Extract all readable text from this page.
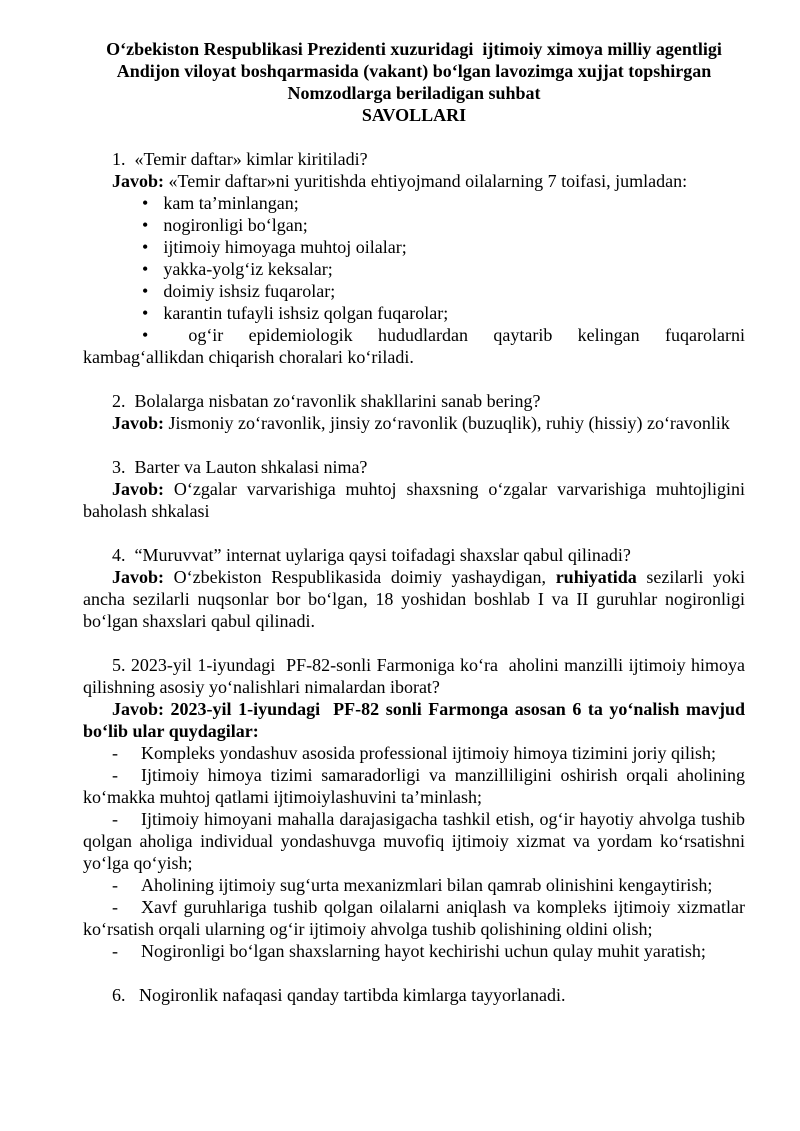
O‘zbekiston Respublikasi Prezidenti xuzuridagi  ijtimoiy ximoya milliy agentligi
Andijon viloyat boshqarmasida (vakant) bo‘lgan lavozimga xujjat topshirgan
Nomzodlarga beriladigan suhbat
SAVOLLARI

1.  «Temir daftar» kimlar kiritiladi?

Javob: «Temir daftar»ni yuritishda ehtiyojmand oilalarning 7 toifasi, jumladan:

• kam ta’minlangan;

• nogironligi bo‘lgan;

• ijtimoiy himoyaga muhtoj oilalar;

• yakka-yolg‘iz keksalar;

• doimiy ishsiz fuqarolar;

• karantin tufayli ishsiz qolgan fuqarolar;

• og‘ir epidemiologik hududlardan qaytarib kelingan fuqarolarni kambag‘allikdan chiqarish choralari ko‘riladi.

2.  Bolalarga nisbatan zo‘ravonlik shakllarini sanab bering?

Javob: Jismoniy zo‘ravonlik, jinsiy zo‘ravonlik (buzuqlik), ruhiy (hissiy) zo‘ravonlik

3.  Barter va Lauton shkalasi nima?

Javob: O‘zgalar varvarishiga muhtoj shaxsning o‘zgalar varvarishiga muhtojligini baholash shkalasi

4.  “Muruvvat” internat uylariga qaysi toifadagi shaxslar qabul qilinadi?

Javob: O‘zbekiston Respublikasida doimiy yashaydigan, ruhiyatida sezilarli yoki ancha sezilarli nuqsonlar bor bo‘lgan, 18 yoshidan boshlab I va II guruhlar nogironligi bo‘lgan shaxslari qabul qilinadi.

5. 2023-yil 1-iyundagi  PF-82-sonli Farmoniga ko‘ra  aholini manzilli ijtimoiy himoya qilishning asosiy yo‘nalishlari nimalardan iborat?

Javob: 2023-yil 1-iyundagi  PF-82 sonli Farmonga asosan 6 ta yo‘nalish mavjud bo‘lib ular quydagilar:

- Kompleks yondashuv asosida professional ijtimoiy himoya tizimini joriy qilish;

- Ijtimoiy himoya tizimi samaradorligi va manzilliligini oshirish orqali aholining ko‘makka muhtoj qatlami ijtimoiylashuvini ta’minlash;

- Ijtimoiy himoyani mahalla darajasigacha tashkil etish, og‘ir hayotiy ahvolga tushib qolgan aholiga individual yondashuvga muvofiq ijtimoiy xizmat va yordam ko‘rsatishni yo‘lga qo‘yish;

- Aholining ijtimoiy sug‘urta mexanizmlari bilan qamrab olinishini kengaytirish;

- Xavf guruhlariga tushib qolgan oilalarni aniqlash va kompleks ijtimoiy xizmatlar ko‘rsatish orqali ularning og‘ir ijtimoiy ahvolga tushib qolishining oldini olish;

- Nogironligi bo‘lgan shaxslarning hayot kechirishi uchun qulay muhit yaratish;

6.   Nogironlik nafaqasi qanday tartibda kimlarga tayyorlanadi.
